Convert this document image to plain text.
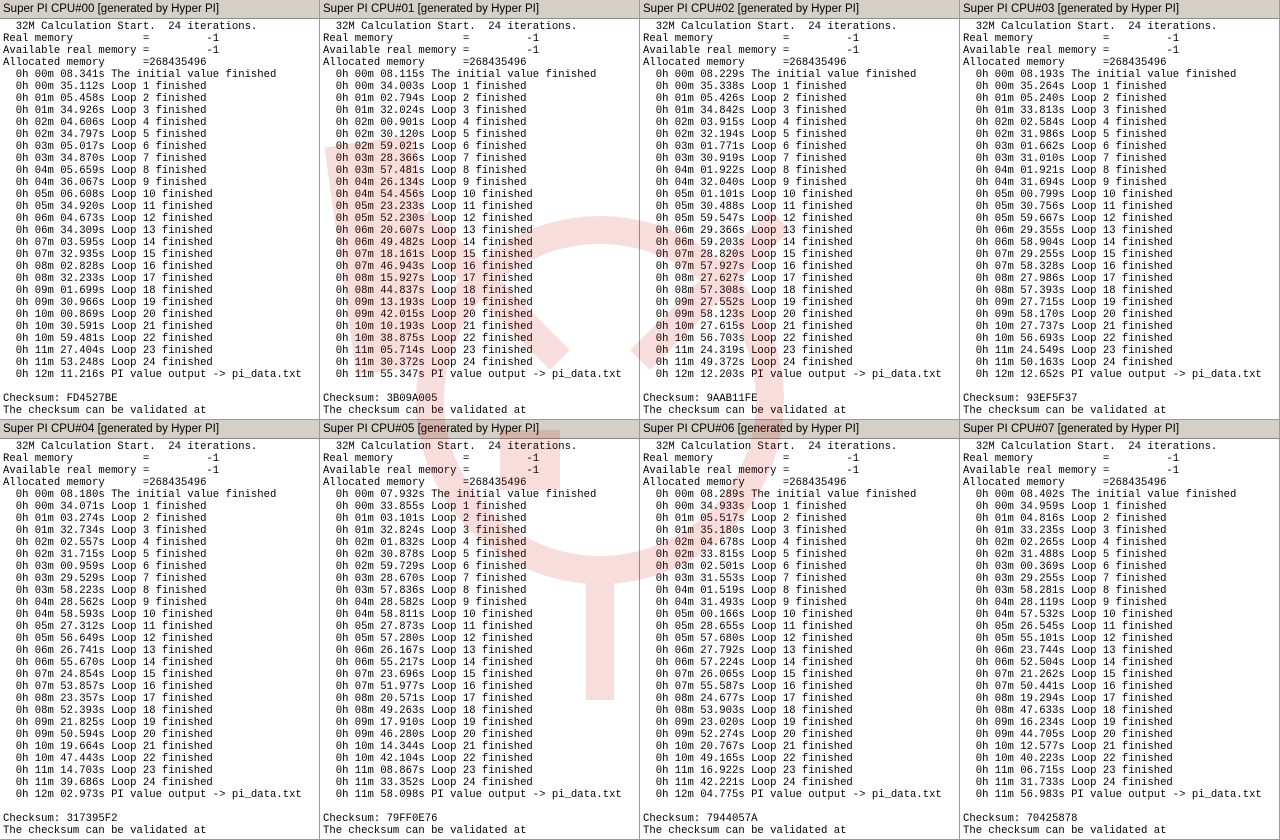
Super PI CPU#00 [generated by Hyper PI]
32M Calculation Start.  24 iterations.
Real memory           =         -1
Available real memory =         -1
Allocated memory      =268435496
0h 00m 08.341s The initial value finished
0h 00m 35.112s Loop 1 finished
0h 01m 05.458s Loop 2 finished
0h 01m 34.926s Loop 3 finished
0h 02m 04.606s Loop 4 finished
0h 02m 34.797s Loop 5 finished
0h 03m 05.017s Loop 6 finished
0h 03m 34.870s Loop 7 finished
0h 04m 05.659s Loop 8 finished
0h 04m 36.067s Loop 9 finished
0h 05m 06.608s Loop 10 finished
0h 05m 34.920s Loop 11 finished
0h 06m 04.673s Loop 12 finished
0h 06m 34.309s Loop 13 finished
0h 07m 03.595s Loop 14 finished
0h 07m 32.935s Loop 15 finished
0h 08m 02.828s Loop 16 finished
0h 08m 32.233s Loop 17 finished
0h 09m 01.699s Loop 18 finished
0h 09m 30.966s Loop 19 finished
0h 10m 00.869s Loop 20 finished
0h 10m 30.591s Loop 21 finished
0h 10m 59.481s Loop 22 finished
0h 11m 27.404s Loop 23 finished
0h 11m 53.248s Loop 24 finished
0h 12m 11.216s PI value output -> pi_data.txt
Checksum: FD4527BE
The checksum can be validated at
Super PI CPU#01 [generated by Hyper PI]
32M Calculation Start.  24 iterations.
Real memory           =         -1
Available real memory =         -1
Allocated memory      =268435496
0h 00m 08.115s The initial value finished
0h 00m 34.003s Loop 1 finished
0h 01m 02.794s Loop 2 finished
0h 01m 32.024s Loop 3 finished
0h 02m 00.901s Loop 4 finished
0h 02m 30.120s Loop 5 finished
0h 02m 59.021s Loop 6 finished
0h 03m 28.366s Loop 7 finished
0h 03m 57.481s Loop 8 finished
0h 04m 26.134s Loop 9 finished
0h 04m 54.456s Loop 10 finished
0h 05m 23.233s Loop 11 finished
0h 05m 52.230s Loop 12 finished
0h 06m 20.607s Loop 13 finished
0h 06m 49.482s Loop 14 finished
0h 07m 18.161s Loop 15 finished
0h 07m 46.943s Loop 16 finished
0h 08m 15.927s Loop 17 finished
0h 08m 44.837s Loop 18 finished
0h 09m 13.193s Loop 19 finished
0h 09m 42.015s Loop 20 finished
0h 10m 10.193s Loop 21 finished
0h 10m 38.875s Loop 22 finished
0h 11m 05.714s Loop 23 finished
0h 11m 30.372s Loop 24 finished
0h 11m 55.347s PI value output -> pi_data.txt
Checksum: 3B09A005
The checksum can be validated at
Super PI CPU#02 [generated by Hyper PI]
32M Calculation Start.  24 iterations.
Real memory           =         -1
Available real memory =         -1
Allocated memory      =268435496
0h 00m 08.229s The initial value finished
0h 00m 35.338s Loop 1 finished
0h 01m 05.426s Loop 2 finished
0h 01m 34.842s Loop 3 finished
0h 02m 03.915s Loop 4 finished
0h 02m 32.194s Loop 5 finished
0h 03m 01.771s Loop 6 finished
0h 03m 30.919s Loop 7 finished
0h 04m 01.922s Loop 8 finished
0h 04m 32.040s Loop 9 finished
0h 05m 01.101s Loop 10 finished
0h 05m 30.488s Loop 11 finished
0h 05m 59.547s Loop 12 finished
0h 06m 29.366s Loop 13 finished
0h 06m 59.203s Loop 14 finished
0h 07m 28.820s Loop 15 finished
0h 07m 57.927s Loop 16 finished
0h 08m 27.627s Loop 17 finished
0h 08m 57.308s Loop 18 finished
0h 09m 27.552s Loop 19 finished
0h 09m 58.123s Loop 20 finished
0h 10m 27.615s Loop 21 finished
0h 10m 56.703s Loop 22 finished
0h 11m 24.319s Loop 23 finished
0h 11m 49.372s Loop 24 finished
0h 12m 12.203s PI value output -> pi_data.txt
Checksum: 9AAB11FE
The checksum can be validated at
Super PI CPU#03 [generated by Hyper PI]
32M Calculation Start.  24 iterations.
Real memory           =         -1
Available real memory =         -1
Allocated memory      =268435496
0h 00m 08.193s The initial value finished
0h 00m 35.264s Loop 1 finished
0h 01m 05.240s Loop 2 finished
0h 01m 33.813s Loop 3 finished
0h 02m 02.584s Loop 4 finished
0h 02m 31.986s Loop 5 finished
0h 03m 01.662s Loop 6 finished
0h 03m 31.010s Loop 7 finished
0h 04m 01.921s Loop 8 finished
0h 04m 31.694s Loop 9 finished
0h 05m 00.799s Loop 10 finished
0h 05m 30.756s Loop 11 finished
0h 05m 59.667s Loop 12 finished
0h 06m 29.355s Loop 13 finished
0h 06m 58.904s Loop 14 finished
0h 07m 29.255s Loop 15 finished
0h 07m 58.328s Loop 16 finished
0h 08m 27.986s Loop 17 finished
0h 08m 57.393s Loop 18 finished
0h 09m 27.715s Loop 19 finished
0h 09m 58.170s Loop 20 finished
0h 10m 27.737s Loop 21 finished
0h 10m 56.693s Loop 22 finished
0h 11m 24.549s Loop 23 finished
0h 11m 50.163s Loop 24 finished
0h 12m 12.652s PI value output -> pi_data.txt
Checksum: 93EF5F37
The checksum can be validated at
Super PI CPU#04 [generated by Hyper PI]
32M Calculation Start.  24 iterations.
Real memory           =         -1
Available real memory =         -1
Allocated memory      =268435496
0h 00m 08.180s The initial value finished
0h 00m 34.071s Loop 1 finished
0h 01m 03.274s Loop 2 finished
0h 01m 32.734s Loop 3 finished
0h 02m 02.557s Loop 4 finished
0h 02m 31.715s Loop 5 finished
0h 03m 00.959s Loop 6 finished
0h 03m 29.529s Loop 7 finished
0h 03m 58.223s Loop 8 finished
0h 04m 28.562s Loop 9 finished
0h 04m 58.593s Loop 10 finished
0h 05m 27.312s Loop 11 finished
0h 05m 56.649s Loop 12 finished
0h 06m 26.741s Loop 13 finished
0h 06m 55.670s Loop 14 finished
0h 07m 24.854s Loop 15 finished
0h 07m 53.857s Loop 16 finished
0h 08m 23.357s Loop 17 finished
0h 08m 52.393s Loop 18 finished
0h 09m 21.825s Loop 19 finished
0h 09m 50.594s Loop 20 finished
0h 10m 19.664s Loop 21 finished
0h 10m 47.443s Loop 22 finished
0h 11m 14.703s Loop 23 finished
0h 11m 39.686s Loop 24 finished
0h 12m 02.973s PI value output -> pi_data.txt
Checksum: 317395F2
The checksum can be validated at
Super PI CPU#05 [generated by Hyper PI]
32M Calculation Start.  24 iterations.
Real memory           =         -1
Available real memory =         -1
Allocated memory      =268435496
0h 00m 07.932s The initial value finished
0h 00m 33.855s Loop 1 finished
0h 01m 03.101s Loop 2 finished
0h 01m 32.824s Loop 3 finished
0h 02m 01.832s Loop 4 finished
0h 02m 30.878s Loop 5 finished
0h 02m 59.729s Loop 6 finished
0h 03m 28.670s Loop 7 finished
0h 03m 57.836s Loop 8 finished
0h 04m 28.582s Loop 9 finished
0h 04m 58.811s Loop 10 finished
0h 05m 27.873s Loop 11 finished
0h 05m 57.280s Loop 12 finished
0h 06m 26.167s Loop 13 finished
0h 06m 55.217s Loop 14 finished
0h 07m 23.696s Loop 15 finished
0h 07m 51.977s Loop 16 finished
0h 08m 20.571s Loop 17 finished
0h 08m 49.263s Loop 18 finished
0h 09m 17.910s Loop 19 finished
0h 09m 46.280s Loop 20 finished
0h 10m 14.344s Loop 21 finished
0h 10m 42.104s Loop 22 finished
0h 11m 08.867s Loop 23 finished
0h 11m 33.352s Loop 24 finished
0h 11m 58.098s PI value output -> pi_data.txt
Checksum: 79FF0E76
The checksum can be validated at
Super PI CPU#06 [generated by Hyper PI]
32M Calculation Start.  24 iterations.
Real memory           =         -1
Available real memory =         -1
Allocated memory      =268435496
0h 00m 08.289s The initial value finished
0h 00m 34.933s Loop 1 finished
0h 01m 05.517s Loop 2 finished
0h 01m 35.180s Loop 3 finished
0h 02m 04.678s Loop 4 finished
0h 02m 33.815s Loop 5 finished
0h 03m 02.501s Loop 6 finished
0h 03m 31.553s Loop 7 finished
0h 04m 01.519s Loop 8 finished
0h 04m 31.493s Loop 9 finished
0h 05m 00.166s Loop 10 finished
0h 05m 28.655s Loop 11 finished
0h 05m 57.680s Loop 12 finished
0h 06m 27.792s Loop 13 finished
0h 06m 57.224s Loop 14 finished
0h 07m 26.065s Loop 15 finished
0h 07m 55.587s Loop 16 finished
0h 08m 24.677s Loop 17 finished
0h 08m 53.903s Loop 18 finished
0h 09m 23.020s Loop 19 finished
0h 09m 52.274s Loop 20 finished
0h 10m 20.767s Loop 21 finished
0h 10m 49.165s Loop 22 finished
0h 11m 16.922s Loop 23 finished
0h 11m 42.221s Loop 24 finished
0h 12m 04.775s PI value output -> pi_data.txt
Checksum: 7944057A
The checksum can be validated at
Super PI CPU#07 [generated by Hyper PI]
32M Calculation Start.  24 iterations.
Real memory           =         -1
Available real memory =         -1
Allocated memory      =268435496
0h 00m 08.402s The initial value finished
0h 00m 34.959s Loop 1 finished
0h 01m 04.816s Loop 2 finished
0h 01m 33.235s Loop 3 finished
0h 02m 02.265s Loop 4 finished
0h 02m 31.488s Loop 5 finished
0h 03m 00.369s Loop 6 finished
0h 03m 29.255s Loop 7 finished
0h 03m 58.281s Loop 8 finished
0h 04m 28.119s Loop 9 finished
0h 04m 57.532s Loop 10 finished
0h 05m 26.545s Loop 11 finished
0h 05m 55.101s Loop 12 finished
0h 06m 23.744s Loop 13 finished
0h 06m 52.504s Loop 14 finished
0h 07m 21.262s Loop 15 finished
0h 07m 50.441s Loop 16 finished
0h 08m 19.294s Loop 17 finished
0h 08m 47.633s Loop 18 finished
0h 09m 16.234s Loop 19 finished
0h 09m 44.705s Loop 20 finished
0h 10m 12.577s Loop 21 finished
0h 10m 40.223s Loop 22 finished
0h 11m 06.715s Loop 23 finished
0h 11m 31.733s Loop 24 finished
0h 11m 56.983s PI value output -> pi_data.txt
Checksum: 70425878
The checksum can be validated at
